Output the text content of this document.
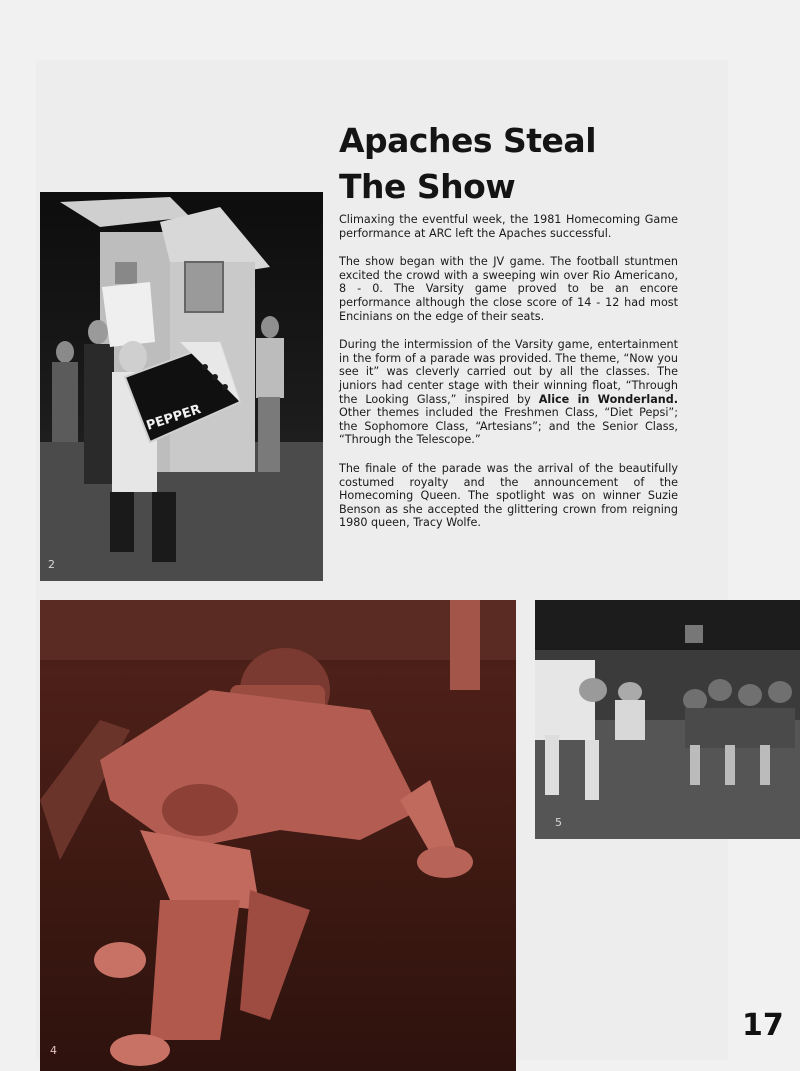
Apaches Steal
The Show

Climaxing the eventful week, the 1981 Homecoming Game performance at ARC left the Apaches successful.

The show began with the JV game. The football stuntmen excited the crowd with a sweeping win over Rio Americano, 8 - 0. The Varsity game proved to be an encore performance although the close score of 14 - 12 had most Encinians on the edge of their seats.

During the intermission of the Varsity game, entertainment in the form of a parade was provided. The theme, “Now you see it” was cleverly carried out by all the classes. The juniors had center stage with their winning float, “Through the Looking Glass,” inspired by Alice in Wonderland. Other themes included the Freshmen Class, “Diet Pepsi”; the Sophomore Class, “Artesians”; and the Senior Class, “Through the Telescope.”

The finale of the parade was the arrival of the beautifully costumed royalty and the announcement of the Homecoming Queen. The spotlight was on winner Suzie Benson as she accepted the glittering crown from reigning 1980 queen, Tracy Wolfe.

PEPPER
2
4
5
17
